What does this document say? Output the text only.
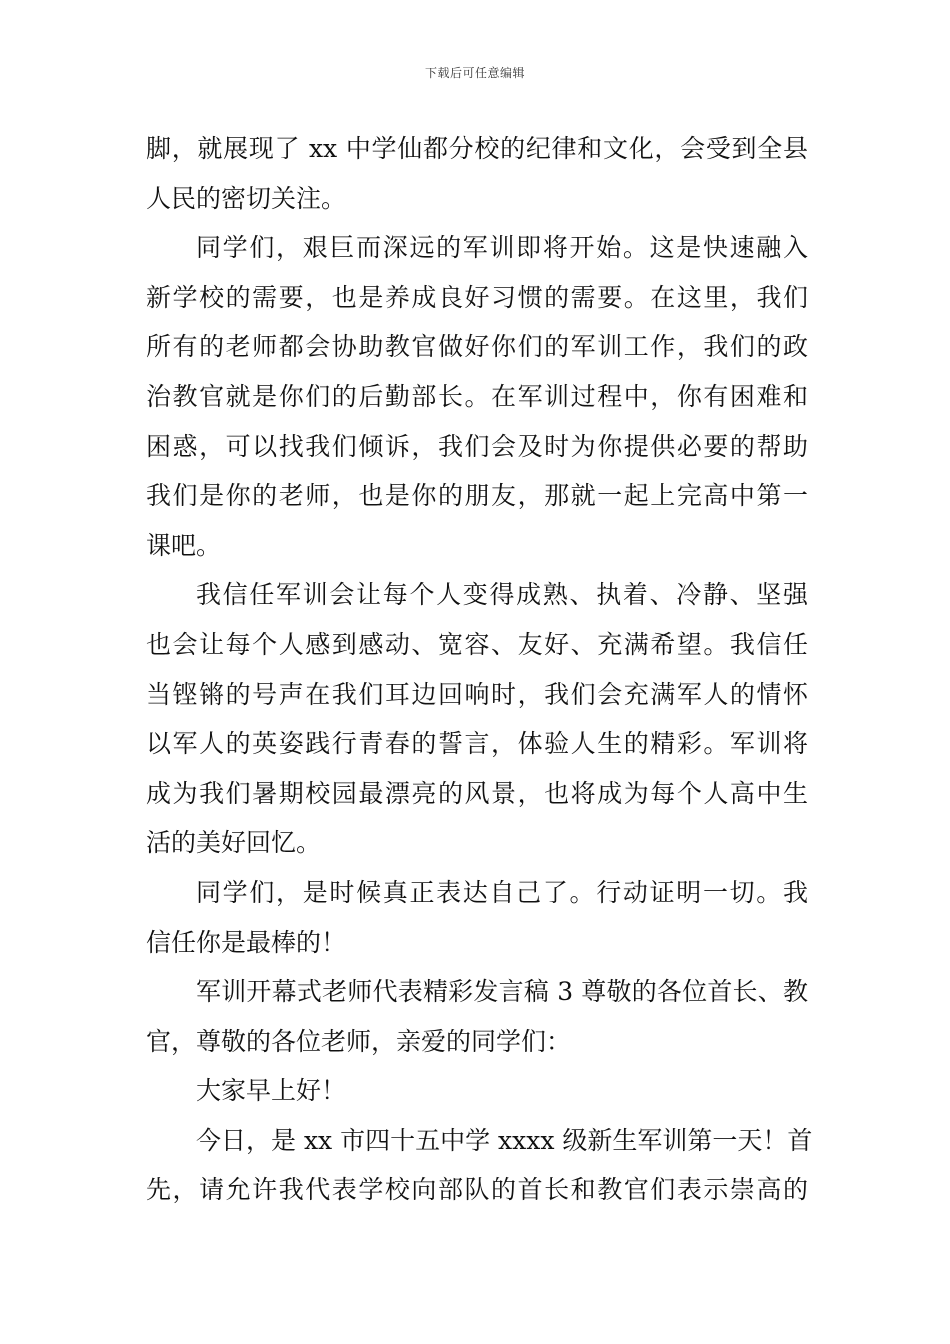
下载后可任意编辑
脚，就展现了 xx 中学仙都分校的纪律和文化，会受到全县
人民的密切关注。
同学们，艰巨而深远的军训即将开始。这是快速融入
新学校的需要，也是养成良好习惯的需要。在这里，我们
所有的老师都会协助教官做好你们的军训工作，我们的政
治教官就是你们的后勤部长。在军训过程中，你有困难和
困惑，可以找我们倾诉，我们会及时为你提供必要的帮助
我们是你的老师，也是你的朋友，那就一起上完高中第一
课吧。
我信任军训会让每个人变得成熟、执着、冷静、坚强
也会让每个人感到感动、宽容、友好、充满希望。我信任
当铿锵的号声在我们耳边回响时，我们会充满军人的情怀
以军人的英姿践行青春的誓言，体验人生的精彩。军训将
成为我们暑期校园最漂亮的风景，也将成为每个人高中生
活的美好回忆。
同学们，是时候真正表达自己了。行动证明一切。我
信任你是最棒的！
军训开幕式老师代表精彩发言稿 3 尊敬的各位首长、教
官，尊敬的各位老师，亲爱的同学们：
大家早上好！
今日，是 xx 市四十五中学 xxxx 级新生军训第一天！首
先，请允许我代表学校向部队的首长和教官们表示崇高的
